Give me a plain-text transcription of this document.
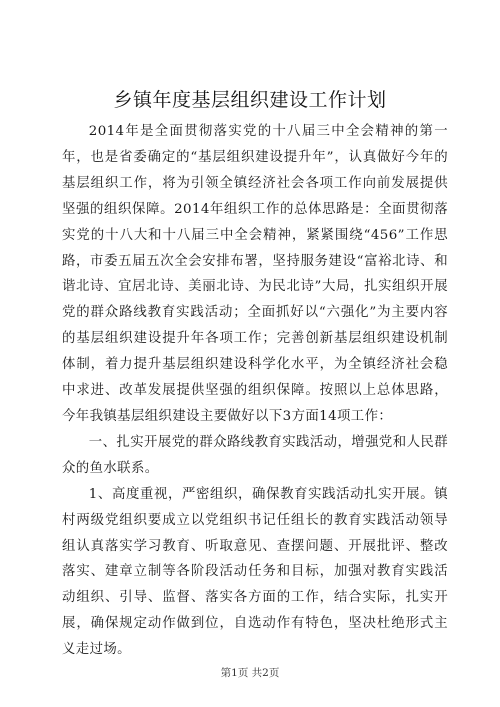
乡镇年度基层组织建设工作计划

2014年是全面贯彻落实党的十八届三中全会精神的第一年，也是省委确定的“基层组织建设提升年”，认真做好今年的基层组织工作，将为引领全镇经济社会各项工作向前发展提供坚强的组织保障。2014年组织工作的总体思路是：全面贯彻落实党的十八大和十八届三中全会精神，紧紧围绕“456”工作思路，市委五届五次全会安排布署，坚持服务建设“富裕北诗、和谐北诗、宜居北诗、美丽北诗、为民北诗”大局，扎实组织开展党的群众路线教育实践活动；全面抓好以“六强化”为主要内容的基层组织建设提升年各项工作；完善创新基层组织建设机制体制，着力提升基层组织建设科学化水平，为全镇经济社会稳中求进、改革发展提供坚强的组织保障。按照以上总体思路，今年我镇基层组织建设主要做好以下3方面14项工作：

一、扎实开展党的群众路线教育实践活动，增强党和人民群众的鱼水联系。

1、高度重视，严密组织，确保教育实践活动扎实开展。镇村两级党组织要成立以党组织书记任组长的教育实践活动领导组认真落实学习教育、听取意见、查摆问题、开展批评、整改落实、建章立制等各阶段活动任务和目标，加强对教育实践活动组织、引导、监督、落实各方面的工作，结合实际，扎实开展，确保规定动作做到位，自选动作有特色，坚决杜绝形式主义走过场。

第1页 共2页
